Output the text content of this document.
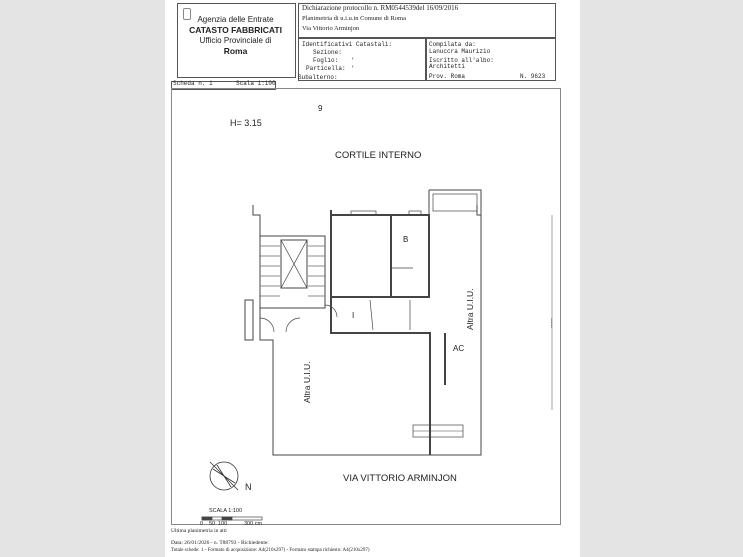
Agenzia delle Entrate
CATASTO FABBRICATI
Ufficio Provinciale di
Roma
Dichiarazione protocollo n. RM0544539del 16/09/2016
Planimetria di u.i.u.in Comune di Roma
Via Vittorio Arminjon
Identificativi Catastali:
Sezione:
Foglio: '
Particella: '
Subalterno:
Compilata da:
Lanuccra Maurizio
Iscritto all'albo:
Architetti
Prov. Roma	N. 9623
Scheda n. 1	Scala 1:100
9
H= 3.15
CORTILE INTERNO
B
I
AC
Altra U.I.U.
Altra U.I.U.
VIA VITTORIO ARMINJON
N
------
SCALA 1:100
0 50 100	300 cm
Ultima planimetria in atti
Data: 26/01/2026 - n. T88793 - Richiedente:
Totale schede: 1 - Formato di acquisizione: A4(210x297) - Formato stampa richiesto: A4(210x297)
